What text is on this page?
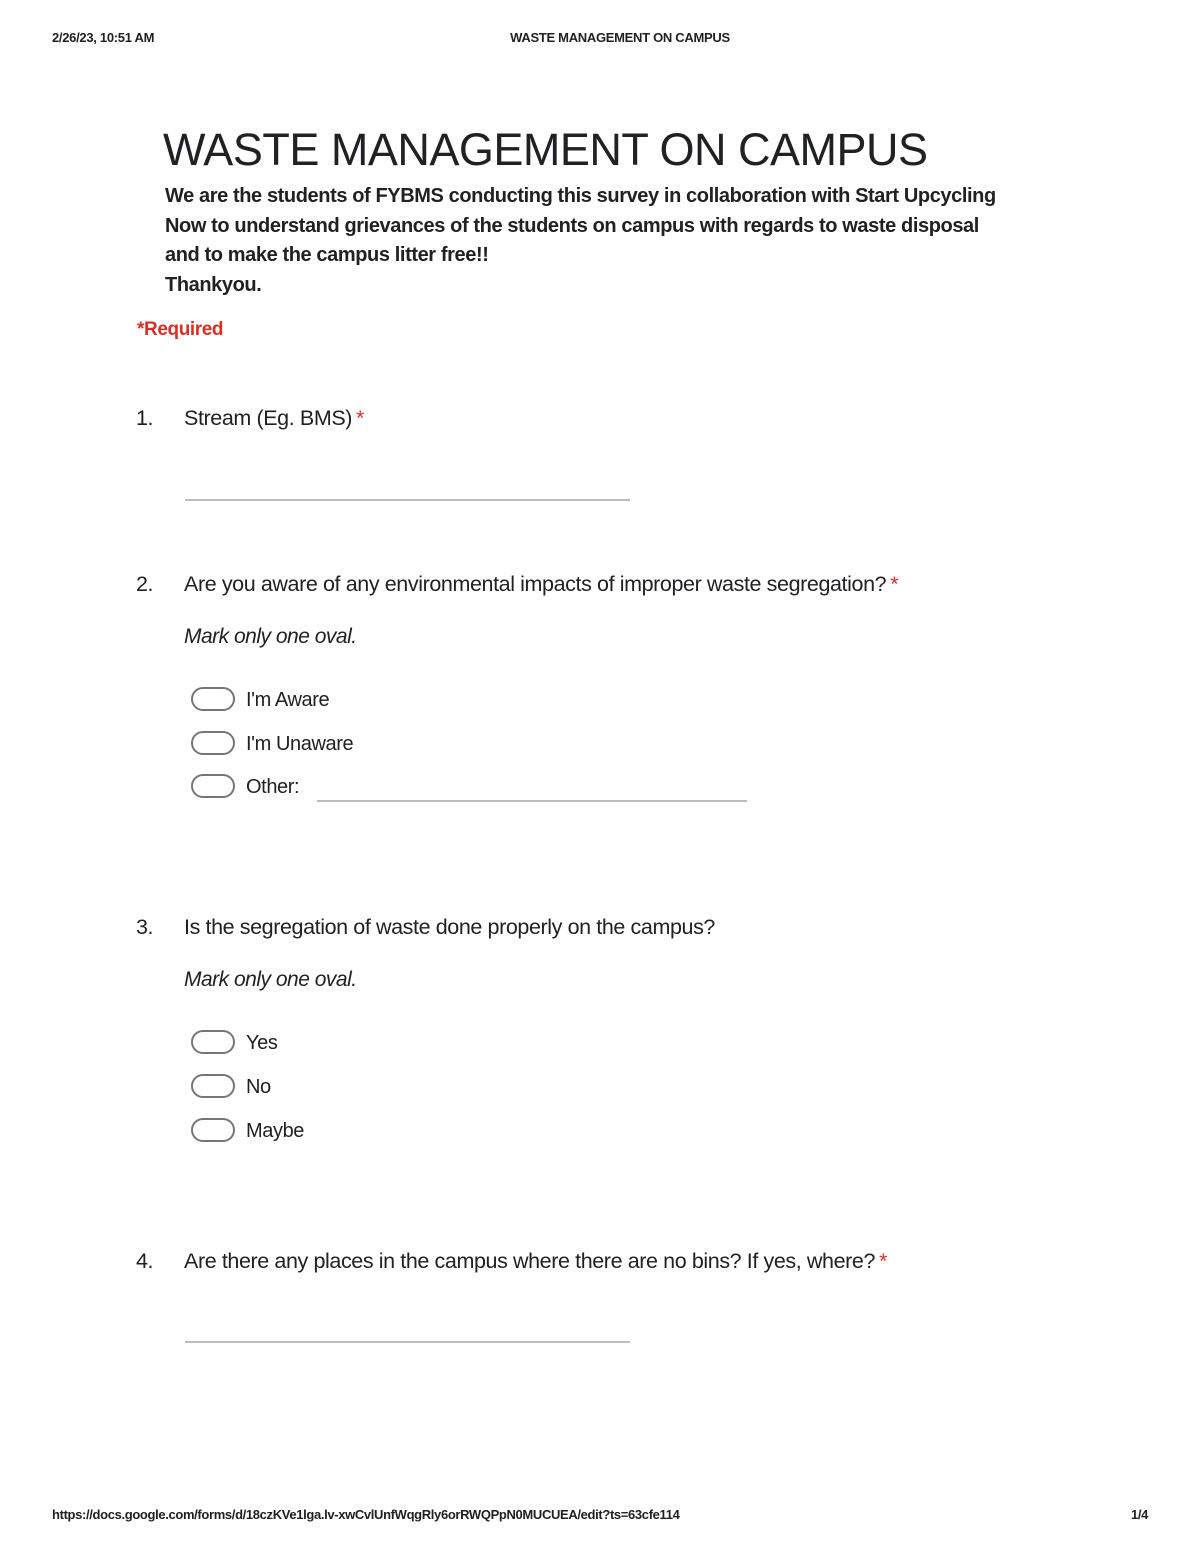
2/26/23, 10:51 AM	WASTE MANAGEMENT ON CAMPUS
WASTE MANAGEMENT ON CAMPUS
We are the students of FYBMS conducting this survey in collaboration with Start Upcycling
Now to understand grievances of the students on campus with regards to waste disposal
and to make the campus litter free!!
Thankyou.
*Required
1. Stream (Eg. BMS) *
2. Are you aware of any environmental impacts of improper waste segregation? *
Mark only one oval.
I'm Aware
I'm Unaware
Other:
3. Is the segregation of waste done properly on the campus?
Mark only one oval.
Yes
No
Maybe
4. Are there any places in the campus where there are no bins? If yes, where? *
https://docs.google.com/forms/d/18czKVe1lga.lv-xwCvlUnfWqgRly6orRWQPpN0MUCUEA/edit?ts=63cfe114	1/4
